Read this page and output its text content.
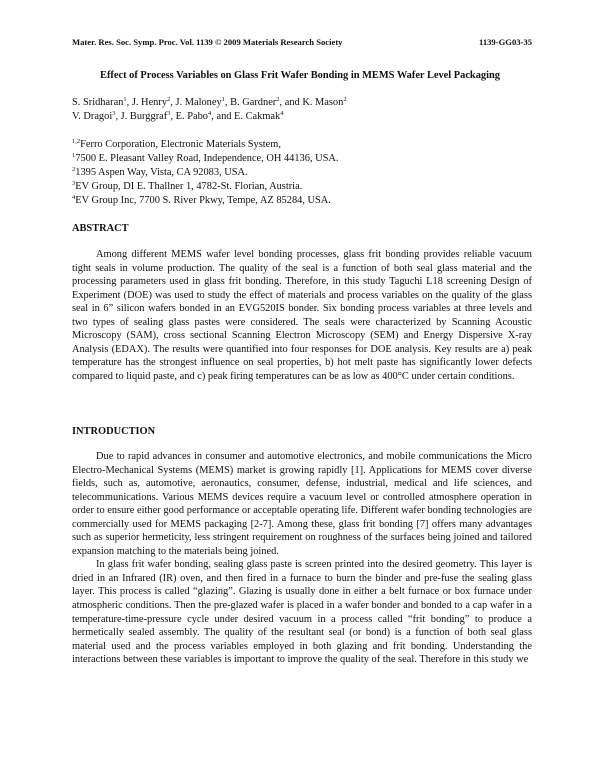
Mater. Res. Soc. Symp. Proc. Vol. 1139 © 2009 Materials Research Society	1139-GG03-35
Effect of Process Variables on Glass Frit Wafer Bonding in MEMS Wafer Level Packaging
S. Sridharan$^1$, J. Henry$^2$, J. Maloney$^1$, B. Gardner$^2$, and K. Mason$^2$
V. Dragoi$^3$, J. Burggraf$^3$, E. Pabo$^4$, and E. Cakmak$^4$
$^{1,2}$Ferro Corporation, Electronic Materials System,
$^1$7500 E. Pleasant Valley Road, Independence, OH 44136, USA.
$^2$1395 Aspen Way, Vista, CA 92083, USA.
$^3$EV Group, DI E. Thallner 1, 4782-St. Florian, Austria.
$^4$EV Group Inc, 7700 S. River Pkwy, Tempe, AZ 85284, USA.
ABSTRACT

Among different MEMS wafer level bonding processes, glass frit bonding provides reliable vacuum tight seals in volume production. The quality of the seal is a function of both seal glass material and the processing parameters used in glass frit bonding. Therefore, in this study Taguchi L18 screening Design of Experiment (DOE) was used to study the effect of materials and process variables on the quality of the glass seal in 6” silicon wafers bonded in an EVG520IS bonder. Six bonding process variables at three levels and two types of sealing glass pastes were considered. The seals were characterized by Scanning Acoustic Microscopy (SAM), cross sectional Scanning Electron Microscopy (SEM) and Energy Dispersive X-ray Analysis (EDAX). The results were quantified into four responses for DOE analysis. Key results are a) peak temperature has the strongest influence on seal properties, b) hot melt paste has significantly lower defects compared to liquid paste, and c) peak firing temperatures can be as low as 400°C under certain conditions.

INTRODUCTION

Due to rapid advances in consumer and automotive electronics, and mobile communications the Micro Electro-Mechanical Systems (MEMS) market is growing rapidly [1]. Applications for MEMS cover diverse fields, such as, automotive, aeronautics, consumer, defense, industrial, medical and life sciences, and telecommunications. Various MEMS devices require a vacuum level or controlled atmosphere operation in order to ensure either good performance or acceptable operating life. Different wafer bonding technologies are commercially used for MEMS packaging [2-7]. Among these, glass frit bonding [7] offers many advantages such as superior hermeticity, less stringent requirement on roughness of the surfaces being joined and tailored expansion matching to the materials being joined.

In glass frit wafer bonding, sealing glass paste is screen printed into the desired geometry. This layer is dried in an Infrared (IR) oven, and then fired in a furnace to burn the binder and pre-fuse the sealing glass layer. This process is called “glazing”. Glazing is usually done in either a belt furnace or box furnace under atmospheric conditions. Then the pre-glazed wafer is placed in a wafer bonder and bonded to a cap wafer in a temperature-time-pressure cycle under desired vacuum in a process called “frit bonding” to produce a hermetically sealed assembly. The quality of the resultant seal (or bond) is a function of both seal glass material used and the process variables employed in both glazing and frit bonding. Understanding the interactions between these variables is important to improve the quality of the seal. Therefore in this study we
